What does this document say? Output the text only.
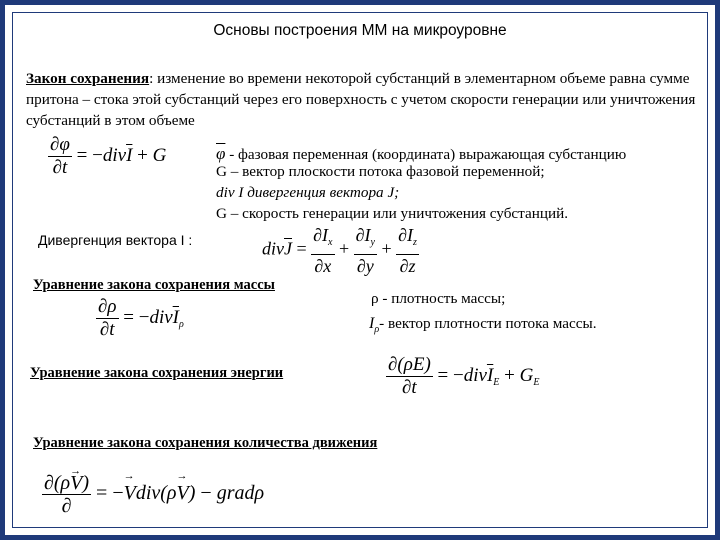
Основы построения ММ на микроуровне
Закон сохранения: изменение во времени некоторой субстанций в элементарном объеме равна сумме притона – стока этой субстанций через его поверхность с учетом скорости генерации или уничтожения субстанций в этом объеме
$\frac{\partial\varphi}{\partial t} = -div\overline{I} + G$	$\overline{\varphi}$ - фазовая переменная (координата) выражающая субстанцию
G – вектор плоскости потока фазовой переменной;
div I дивергенция вектора J;
G – скорость генерации или уничтожения субстанций.
Дивергенция вектора I :	$div\overline{J} = \frac{\partial I_x}{\partial x} + \frac{\partial I_y}{\partial y} + \frac{\partial I_z}{\partial z}$
Уравнение закона сохранения массы
$\frac{\partial\rho}{\partial t} = -div\overline{I}_\rho$
ρ - плотность массы;
$I_\rho-$ вектор плотности потока массы.
Уравнение закона сохранения энергии	$\frac{\partial(\rho E)}{\partial t} = -div\overline{I}_E + G_E$
Уравнение закона сохранения количества движения
$\frac{\partial(\rho\to V)}{\partial}$ = −→ Vdiv(ρ→ V) − gradρ
